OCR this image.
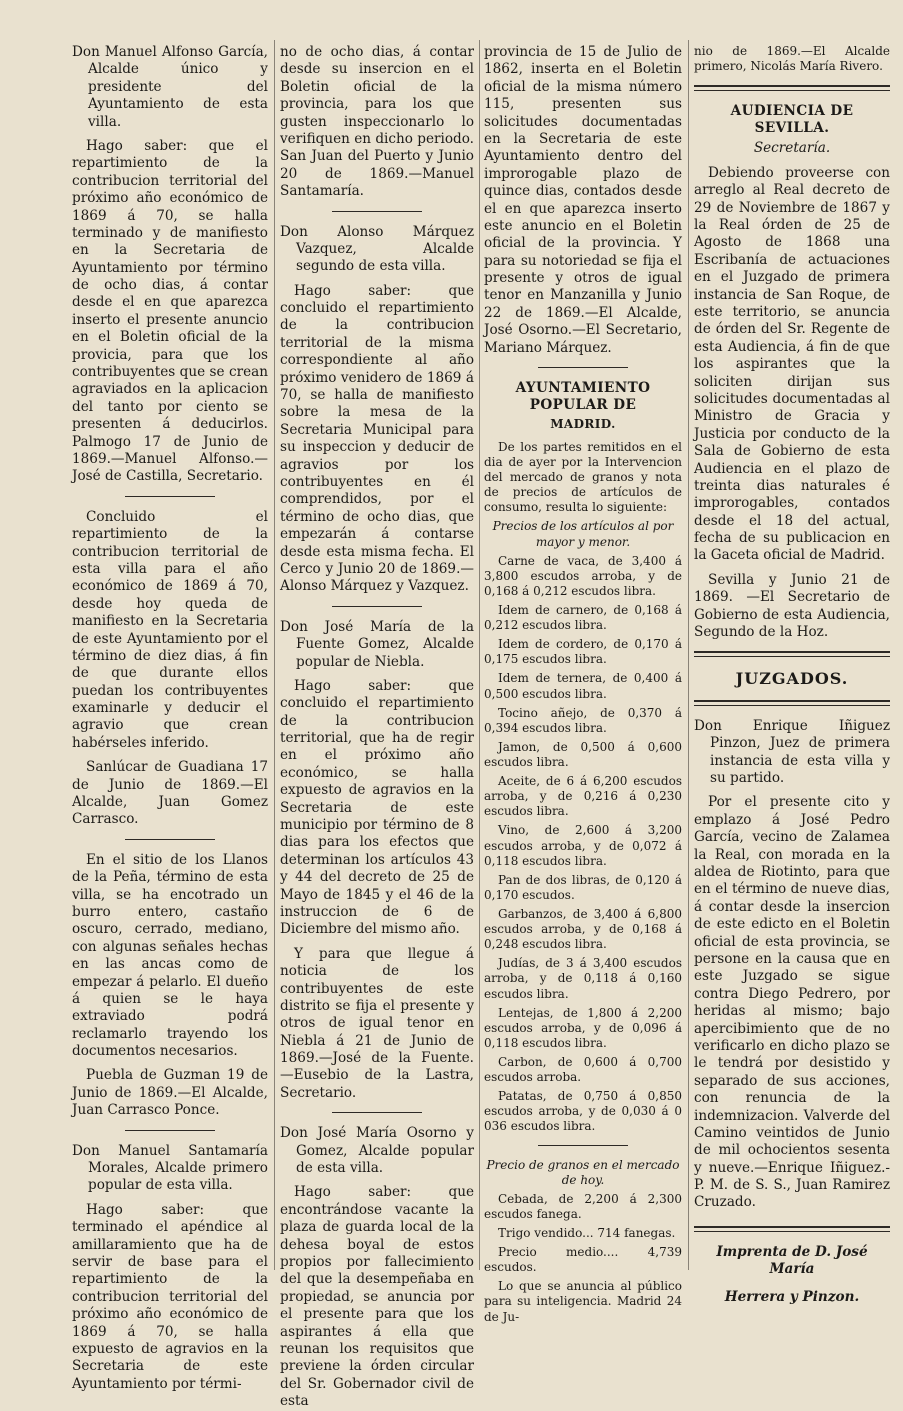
Don Manuel Alfonso García, Alcalde único y presidente del Ayuntamiento de esta villa.

Hago saber: que el repartimiento de la contribucion territorial del próximo año económico de 1869 á 70, se halla terminado y de manifiesto en la Secretaria de Ayuntamiento por término de ocho dias, á contar desde el en que aparezca inserto el presente anuncio en el Boletin oficial de la provicia, para que los contribuyentes que se crean agraviados en la aplicacion del tanto por ciento se presenten á deducirlos. Palmogo 17 de Junio de 1869.—Manuel Alfonso.—José de Castilla, Secretario.

Concluido el repartimiento de la contribucion territorial de esta villa para el año económico de 1869 á 70, desde hoy queda de manifiesto en la Secretaria de este Ayuntamiento por el término de diez dias, á fin de que durante ellos puedan los contribuyentes examinarle y deducir el agravio que crean habérseles inferido.

Sanlúcar de Guadiana 17 de Junio de 1869.—El Alcalde, Juan Gomez Carrasco.

En el sitio de los Llanos de la Peña, término de esta villa, se ha encotrado un burro entero, castaño oscuro, cerrado, mediano, con algunas señales hechas en las ancas como de empezar á pelarlo. El dueño á quien se le haya extraviado podrá reclamarlo trayendo los documentos necesarios.

Puebla de Guzman 19 de Junio de 1869.—El Alcalde, Juan Carrasco Ponce.

Don Manuel Santamaría Morales, Alcalde primero popular de esta villa.

Hago saber: que terminado el apéndice al amillaramiento que ha de servir de base para el repartimiento de la contribucion territorial del próximo año económico de 1869 á 70, se halla expuesto de agravios en la Secretaria de este Ayuntamiento por térmi-

no de ocho dias, á contar desde su insercion en el Boletin oficial de la provincia, para los que gusten inspeccionarlo lo verifiquen en dicho periodo. San Juan del Puerto y Junio 20 de 1869.—Manuel Santamaría.

Don Alonso Márquez Vazquez, Alcalde segundo de esta villa.

Hago saber: que concluido el repartimiento de la contribucion territorial de la misma correspondiente al año próximo venidero de 1869 á 70, se halla de manifiesto sobre la mesa de la Secretaria Municipal para su inspeccion y deducir de agravios por los contribuyentes en él comprendidos, por el término de ocho dias, que empezarán á contarse desde esta misma fecha. El Cerco y Junio 20 de 1869.—Alonso Márquez y Vazquez.

Don José María de la Fuente Gomez, Alcalde popular de Niebla.

Hago saber: que concluido el repartimiento de la contribucion territorial, que ha de regir en el próximo año económico, se halla expuesto de agravios en la Secretaria de este municipio por término de 8 dias para los efectos que determinan los artículos 43 y 44 del decreto de 25 de Mayo de 1845 y el 46 de la instruccion de 6 de Diciembre del mismo año.

Y para que llegue á noticia de los contribuyentes de este distrito se fija el presente y otros de igual tenor en Niebla á 21 de Junio de 1869.—José de la Fuente. —Eusebio de la Lastra, Secretario.

Don José María Osorno y Gomez, Alcalde popular de esta villa.

Hago saber: que encontrándose vacante la plaza de guarda local de la dehesa boyal de estos propios por fallecimiento del que la desempeñaba en propiedad, se anuncia por el presente para que los aspirantes á ella que reunan los requisitos que previene la órden circular del Sr. Gobernador civil de esta

provincia de 15 de Julio de 1862, inserta en el Boletin oficial de la misma número 115, presenten sus solicitudes documentadas en la Secretaria de este Ayuntamiento dentro del improrogable plazo de quince dias, contados desde el en que aparezca inserto este anuncio en el Boletin oficial de la provincia. Y para su notoriedad se fija el presente y otros de igual tenor en Manzanilla y Junio 22 de 1869.—El Alcalde, José Osorno.—El Secretario, Mariano Márquez.

AYUNTAMIENTO POPULAR DE
MADRID.

De los partes remitidos en el dia de ayer por la Intervencion del mercado de granos y nota de precios de artículos de consumo, resulta lo siguiente:

Precios de los artículos al por mayor y menor.

Carne de vaca, de 3,400 á 3,800 escudos arroba, y de 0,168 á 0,212 escudos libra.

Idem de carnero, de 0,168 á 0,212 escudos libra.

Idem de cordero, de 0,170 á 0,175 escudos libra.

Idem de ternera, de 0,400 á 0,500 escudos libra.

Tocino añejo, de 0,370 á 0,394 escudos libra.

Jamon, de 0,500 á 0,600 escudos libra.

Aceite, de 6 á 6,200 escudos arroba, y de 0,216 á 0,230 escudos libra.

Vino, de 2,600 á 3,200 escudos arroba, y de 0,072 á 0,118 escudos libra.

Pan de dos libras, de 0,120 á 0,170 escudos.

Garbanzos, de 3,400 á 6,800 escudos arroba, y de 0,168 á 0,248 escudos libra.

Judías, de 3 á 3,400 escudos arroba, y de 0,118 á 0,160 escudos libra.

Lentejas, de 1,800 á 2,200 escudos arroba, y de 0,096 á 0,118 escudos libra.

Carbon, de 0,600 á 0,700 escudos arroba.

Patatas, de 0,750 á 0,850 escudos arroba, y de 0,030 á 0 036 escudos libra.

Precio de granos en el mercado de hoy.

Cebada, de 2,200 á 2,300 escudos fanega.

Trigo vendido... 714 fanegas.

Precio medio.... 4,739 escudos.

Lo que se anuncia al público para su inteligencia. Madrid 24 de Ju-

nio de 1869.—El Alcalde primero, Nicolás María Rivero.

AUDIENCIA DE SEVILLA.
Secretaría.

Debiendo proveerse con arreglo al Real decreto de 29 de Noviembre de 1867 y la Real órden de 25 de Agosto de 1868 una Escribanía de actuaciones en el Juzgado de primera instancia de San Roque, de este territorio, se anuncia de órden del Sr. Regente de esta Audiencia, á fin de que los aspirantes que la soliciten dirijan sus solicitudes documentadas al Ministro de Gracia y Justicia por conducto de la Sala de Gobierno de esta Audiencia en el plazo de treinta dias naturales é improrogables, contados desde el 18 del actual, fecha de su publicacion en la Gaceta oficial de Madrid.

Sevilla y Junio 21 de 1869. —El Secretario de Gobierno de esta Audiencia, Segundo de la Hoz.

JUZGADOS.

Don Enrique Iñiguez Pinzon, Juez de primera instancia de esta villa y su partido.

Por el presente cito y emplazo á José Pedro García, vecino de Zalamea la Real, con morada en la aldea de Riotinto, para que en el término de nueve dias, á contar desde la insercion de este edicto en el Boletin oficial de esta provincia, se persone en la causa que en este Juzgado se sigue contra Diego Pedrero, por heridas al mismo; bajo apercibimiento que de no verificarlo en dicho plazo se le tendrá por desistido y separado de sus acciones, con renuncia de la indemnizacion. Valverde del Camino veintidos de Junio de mil ochocientos sesenta y nueve.—Enrique Iñiguez.-P. M. de S. S., Juan Ramirez Cruzado.

Imprenta de D. José María

Herrera y Pinzon.
